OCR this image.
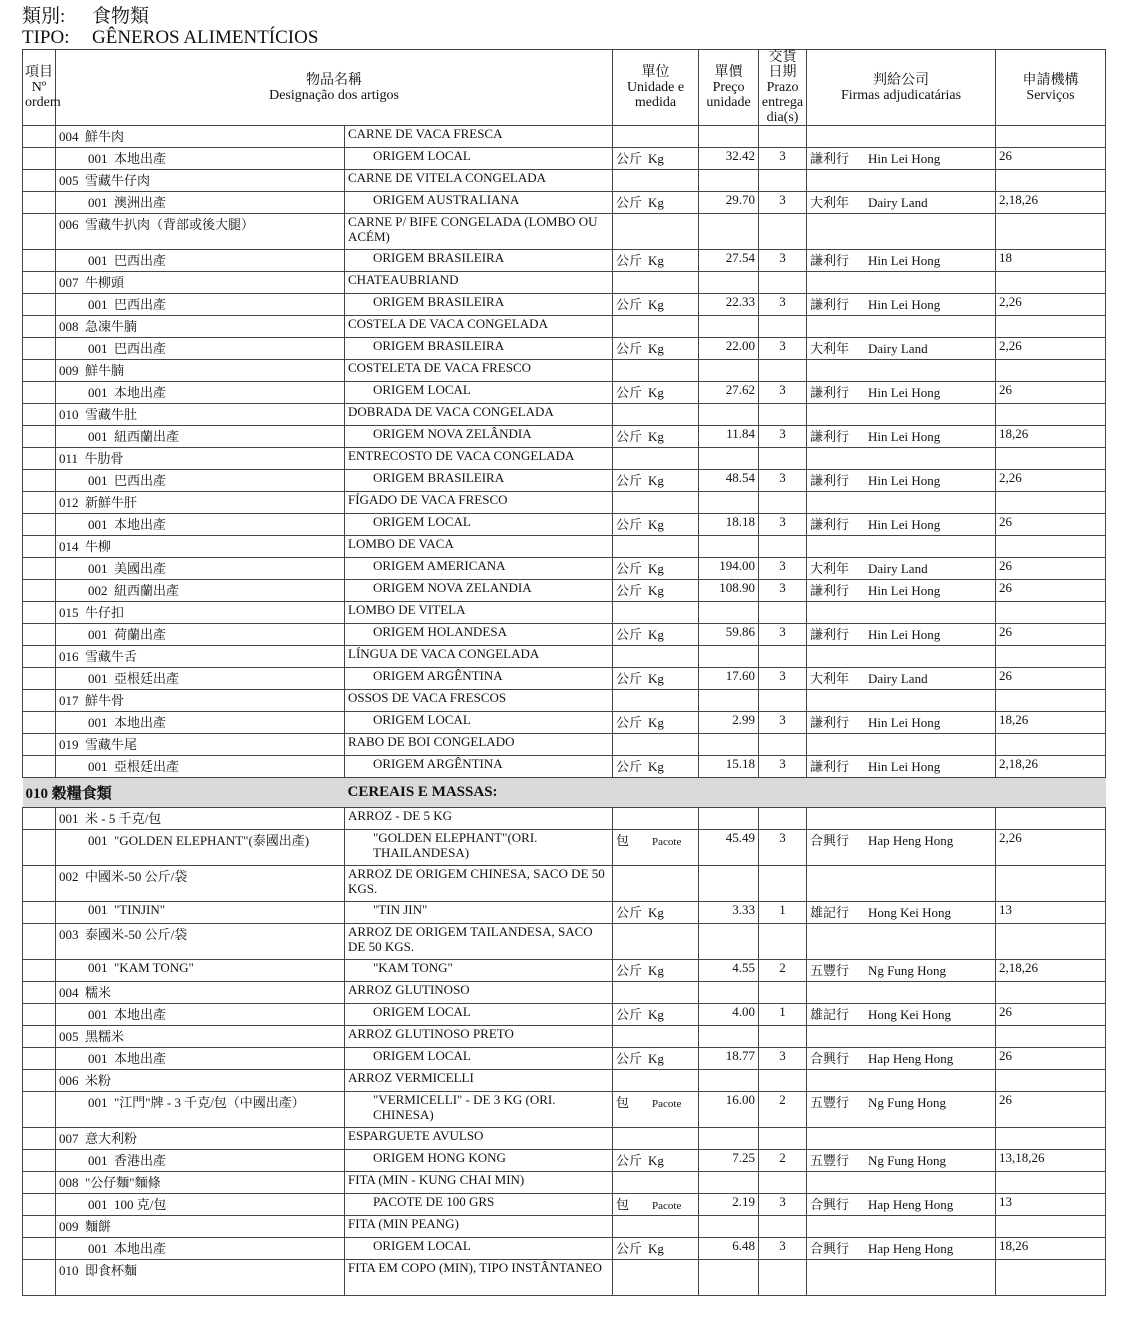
類別: 食物類
TIPO: GÊNEROS ALIMENTÍCIOS
項目
Nº
ordem	物品名稱
Designação dos artigos		單位
Unidade e
medida	單價
Preço
unidade	交貨
日期 Prazo
entrega
dia(s)	判給公司
Firmas adjudicatárias	申請機構
Serviços
	004 鮮牛肉	CARNE DE VACA FRESCA					
	001 本地出產	ORIGEM LOCAL	公斤 Kg	32.42	3	謙利行 Hin Lei Hong	26
	005 雪藏牛仔肉	CARNE DE VITELA CONGELADA					
	001 澳洲出產	ORIGEM AUSTRALIANA	公斤 Kg	29.70	3	大利年 Dairy Land	2,18,26
	006 雪藏牛扒肉（背部或後大腿）	CARNE P/ BIFE CONGELADA (LOMBO OU ACÉM)					
	001 巴西出產	ORIGEM BRASILEIRA	公斤 Kg	27.54	3	謙利行 Hin Lei Hong	18
	007 牛柳頭	CHATEAUBRIAND					
	001 巴西出產	ORIGEM BRASILEIRA	公斤 Kg	22.33	3	謙利行 Hin Lei Hong	2,26
	008 急凍牛腩	COSTELA DE VACA CONGELADA					
	001 巴西出產	ORIGEM BRASILEIRA	公斤 Kg	22.00	3	大利年 Dairy Land	2,26
	009 鮮牛腩	COSTELETA DE VACA FRESCO					
	001 本地出產	ORIGEM LOCAL	公斤 Kg	27.62	3	謙利行 Hin Lei Hong	26
	010 雪藏牛肚	DOBRADA DE VACA CONGELADA					
	001 紐西蘭出產	ORIGEM NOVA ZELÂNDIA	公斤 Kg	11.84	3	謙利行 Hin Lei Hong	18,26
	011 牛肋骨	ENTRECOSTO DE VACA CONGELADA					
	001 巴西出產	ORIGEM BRASILEIRA	公斤 Kg	48.54	3	謙利行 Hin Lei Hong	2,26
	012 新鮮牛肝	FÍGADO DE VACA FRESCO					
	001 本地出產	ORIGEM LOCAL	公斤 Kg	18.18	3	謙利行 Hin Lei Hong	26
	014 牛柳	LOMBO DE VACA					
	001 美國出產	ORIGEM AMERICANA	公斤 Kg	194.00	3	大利年 Dairy Land	26
	002 紐西蘭出產	ORIGEM NOVA ZELANDIA	公斤 Kg	108.90	3	謙利行 Hin Lei Hong	26
	015 牛仔扣	LOMBO DE VITELA					
	001 荷蘭出產	ORIGEM HOLANDESA	公斤 Kg	59.86	3	謙利行 Hin Lei Hong	26
	016 雪藏牛舌	LÍNGUA DE VACA CONGELADA					
	001 亞根廷出產	ORIGEM ARGÊNTINA	公斤 Kg	17.60	3	大利年 Dairy Land	26
	017 鮮牛骨	OSSOS DE VACA FRESCOS					
	001 本地出產	ORIGEM LOCAL	公斤 Kg	2.99	3	謙利行 Hin Lei Hong	18,26
	019 雪藏牛尾	RABO DE BOI CONGELADO					
	001 亞根廷出產	ORIGEM ARGÊNTINA	公斤 Kg	15.18	3	謙利行 Hin Lei Hong	2,18,26
010 穀糧食類		CEREAIS E MASSAS:					
	001 米 - 5 千克/包	ARROZ - DE 5 KG					
	001 "GOLDEN ELEPHANT"(泰國出產)	"GOLDEN ELEPHANT"(ORI. THAILANDESA)	包 Pacote	45.49	3	合興行 Hap Heng Hong	2,26
	002 中國米-50 公斤/袋	ARROZ DE ORIGEM CHINESA, SACO DE 50 KGS.					
	001 "TINJIN"	"TIN JIN"	公斤 Kg	3.33	1	雄記行 Hong Kei Hong	13
	003 泰國米-50 公斤/袋	ARROZ DE ORIGEM TAILANDESA, SACO DE 50 KGS.					
	001 "KAM TONG"	"KAM TONG"	公斤 Kg	4.55	2	五豐行 Ng Fung Hong	2,18,26
	004 糯米	ARROZ GLUTINOSO					
	001 本地出產	ORIGEM LOCAL	公斤 Kg	4.00	1	雄記行 Hong Kei Hong	26
	005 黑糯米	ARROZ GLUTINOSO PRETO					
	001 本地出產	ORIGEM LOCAL	公斤 Kg	18.77	3	合興行 Hap Heng Hong	26
	006 米粉	ARROZ VERMICELLI					
	001 "江門"牌 - 3 千克/包（中國出產）	"VERMICELLI" - DE 3 KG (ORI. CHINESA)	包 Pacote	16.00	2	五豐行 Ng Fung Hong	26
	007 意大利粉	ESPARGUETE AVULSO					
	001 香港出產	ORIGEM HONG KONG	公斤 Kg	7.25	2	五豐行 Ng Fung Hong	13,18,26
	008 "公仔麵"麵條	FITA (MIN - KUNG CHAI MIN)					
	001 100 克/包	PACOTE DE 100 GRS	包 Pacote	2.19	3	合興行 Hap Heng Hong	13
	009 麵餅	FITA (MIN PEANG)					
	001 本地出產	ORIGEM LOCAL	公斤 Kg	6.48	3	合興行 Hap Heng Hong	18,26
	010 即食杯麵	FITA EM COPO (MIN), TIPO INSTÂNTANEO					
